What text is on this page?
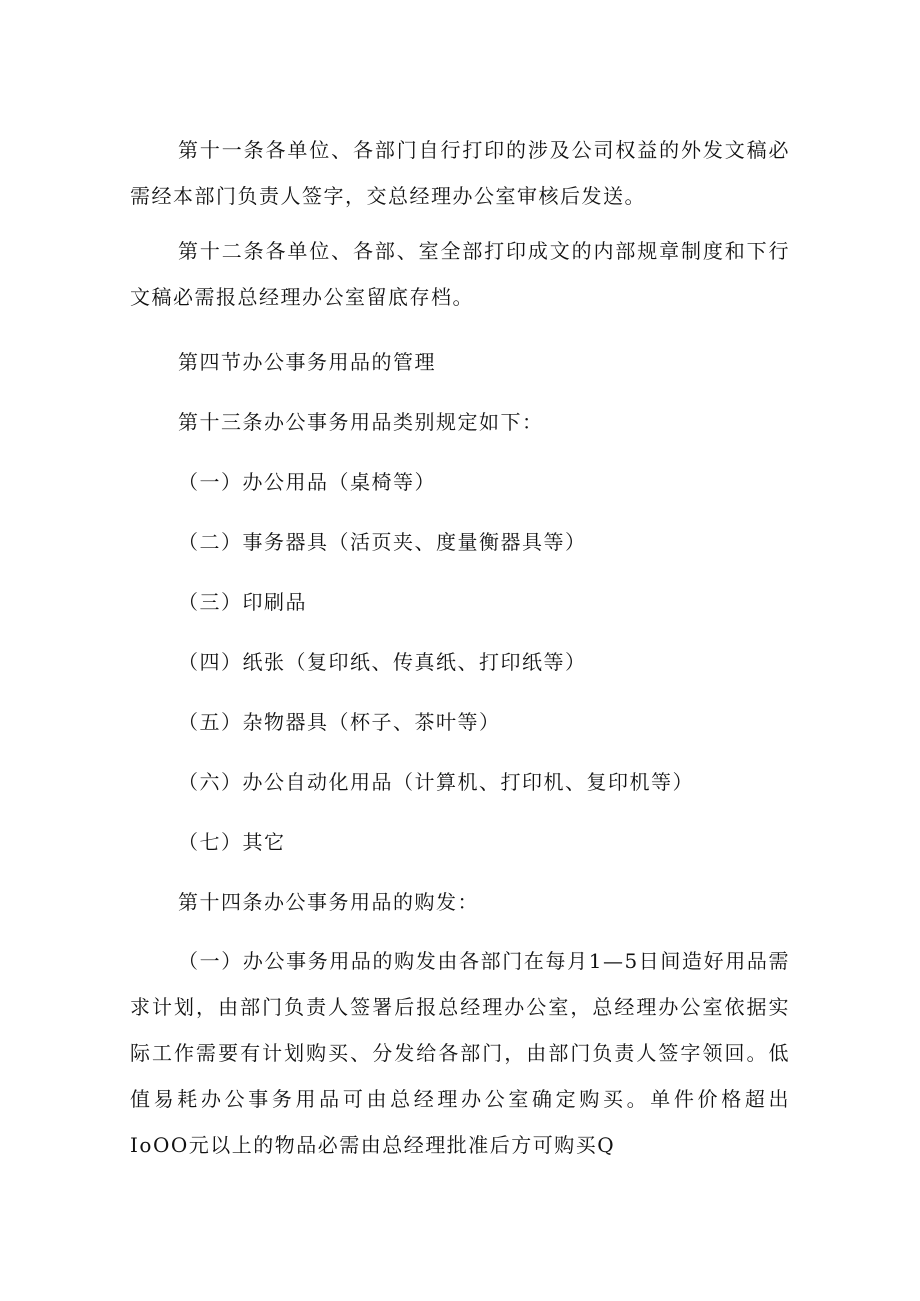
第十一条各单位、各部门自行打印的涉及公司权益的外发文稿必需经本部门负责人签字，交总经理办公室审核后发送。

第十二条各单位、各部、室全部打印成文的内部规章制度和下行文稿必需报总经理办公室留底存档。

第四节办公事务用品的管理

第十三条办公事务用品类别规定如下：

（一）办公用品（桌椅等）

（二）事务器具（活页夹、度量衡器具等）

（三）印刷品

（四）纸张（复印纸、传真纸、打印纸等）

（五）杂物器具（杯子、茶叶等）

（六）办公自动化用品（计算机、打印机、复印机等）

（七）其它

第十四条办公事务用品的购发：

（一）办公事务用品的购发由各部门在每月1—5日间造好用品需求计划，由部门负责人签署后报总经理办公室，总经理办公室依据实际工作需要有计划购买、分发给各部门，由部门负责人签字领回。低值易耗办公事务用品可由总经理办公室确定购买。单件价格超出IoOO元以上的物品必需由总经理批准后方可购买Q
